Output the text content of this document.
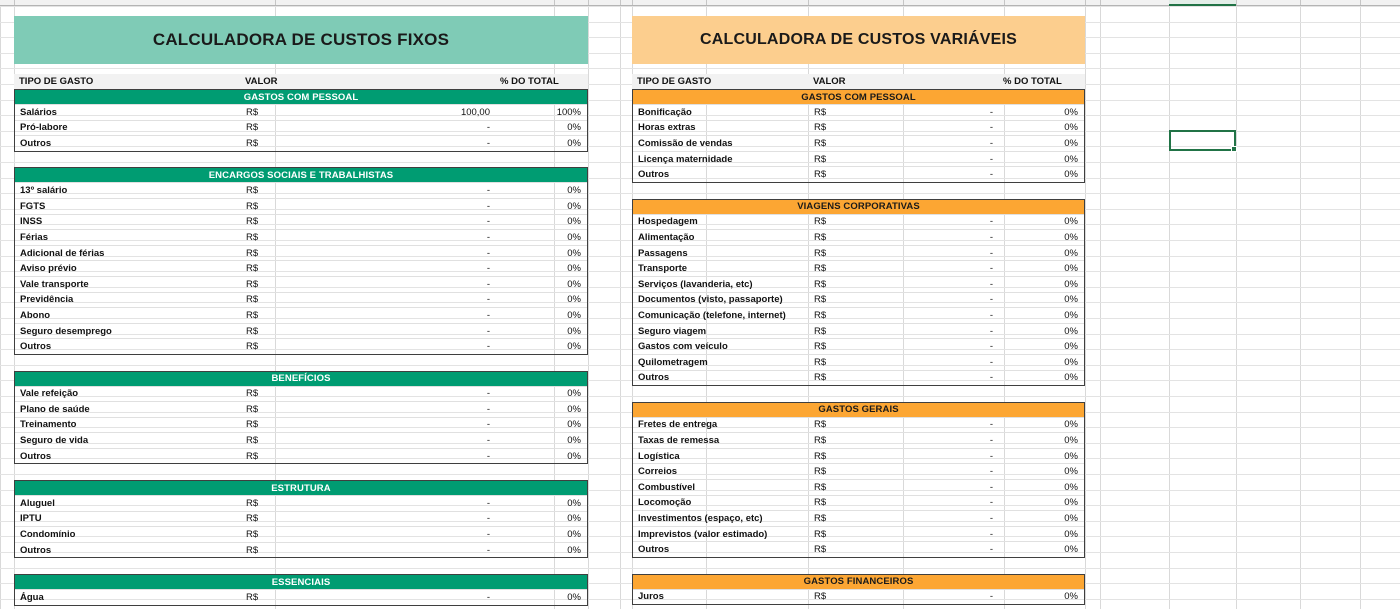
CALCULADORA DE CUSTOS FIXOS
TIPO DE GASTO	VALOR	% DO TOTAL
GASTOS COM PESSOAL
Salários	R$	100,00	100%
Pró-labore	R$	-	0%
Outros	R$	-	0%
ENCARGOS SOCIAIS E TRABALHISTAS
13º salário	R$	-	0%
FGTS	R$	-	0%
INSS	R$	-	0%
Férias	R$	-	0%
Adicional de férias	R$	-	0%
Aviso prévio	R$	-	0%
Vale transporte	R$	-	0%
Previdência	R$	-	0%
Abono	R$	-	0%
Seguro desemprego	R$	-	0%
Outros	R$	-	0%
BENEFÍCIOS
Vale refeição	R$	-	0%
Plano de saúde	R$	-	0%
Treinamento	R$	-	0%
Seguro de vida	R$	-	0%
Outros	R$	-	0%
ESTRUTURA
Aluguel	R$	-	0%
IPTU	R$	-	0%
Condomínio	R$	-	0%
Outros	R$	-	0%
ESSENCIAIS
Água	R$	-	0%
CALCULADORA DE CUSTOS VARIÁVEIS
TIPO DE GASTO	VALOR	% DO TOTAL
GASTOS COM PESSOAL
Bonificação	R$	-	0%
Horas extras	R$	-	0%
Comissão de vendas	R$	-	0%
Licença maternidade	R$	-	0%
Outros	R$	-	0%
VIAGENS CORPORATIVAS
Hospedagem	R$	-	0%
Alimentação	R$	-	0%
Passagens	R$	-	0%
Transporte	R$	-	0%
Serviços (lavanderia, etc)	R$	-	0%
Documentos (visto, passaporte)	R$	-	0%
Comunicação (telefone, internet)	R$	-	0%
Seguro viagem	R$	-	0%
Gastos com veículo	R$	-	0%
Quilometragem	R$	-	0%
Outros	R$	-	0%
GASTOS GERAIS
Fretes de entrega	R$	-	0%
Taxas de remessa	R$	-	0%
Logística	R$	-	0%
Correios	R$	-	0%
Combustível	R$	-	0%
Locomoção	R$	-	0%
Investimentos (espaço, etc)	R$	-	0%
Imprevistos (valor estimado)	R$	-	0%
Outros	R$	-	0%
GASTOS FINANCEIROS
Juros	R$	-	0%
